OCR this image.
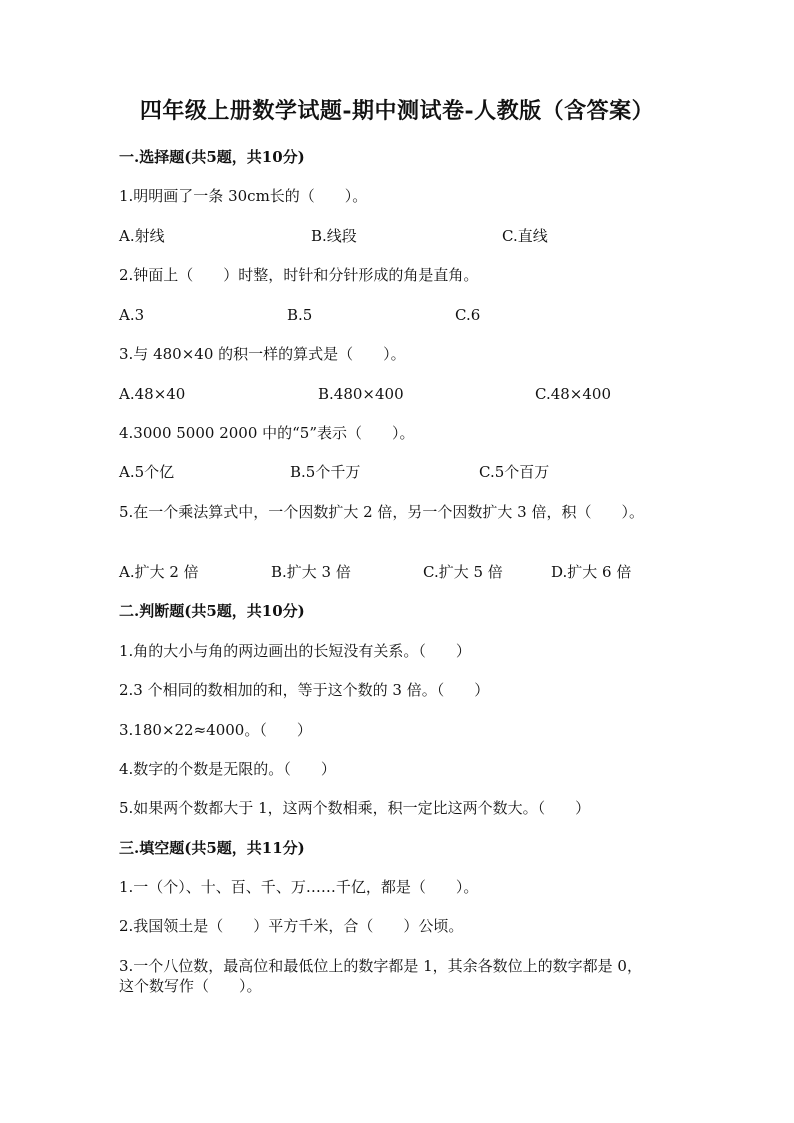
四年级上册数学试题-期中测试卷-人教版（含答案）
一.选择题(共5题，共10分)
1.明明画了一条 30cm长的（　　）。
A.射线	B.线段	C.直线
2.钟面上（　　）时整，时针和分针形成的角是直角。
A.3	B.5	C.6
3.与 480×40 的积一样的算式是（　　）。
A.48×40	B.480×400	C.48×400
4.3000 5000 2000 中的“5”表示（　　）。
A.5个亿	B.5个千万	C.5个百万
5.在一个乘法算式中，一个因数扩大 2 倍，另一个因数扩大 3 倍，积（　　）。
A.扩大 2 倍	B.扩大 3 倍	C.扩大 5 倍	D.扩大 6 倍
二.判断题(共5题，共10分)
1.角的大小与角的两边画出的长短没有关系。（　　）
2.3 个相同的数相加的和，等于这个数的 3 倍。（　　）
3.180×22≈4000。（　　）
4.数字的个数是无限的。（　　）
5.如果两个数都大于 1，这两个数相乘，积一定比这两个数大。（　　）
三.填空题(共5题，共11分)
1.一（个）、十、百、千、万……千亿，都是（　　）。
2.我国领土是（　　）平方千米，合（　　）公顷。
3.一个八位数，最高位和最低位上的数字都是 1，其余各数位上的数字都是 0，
这个数写作（　　）。
